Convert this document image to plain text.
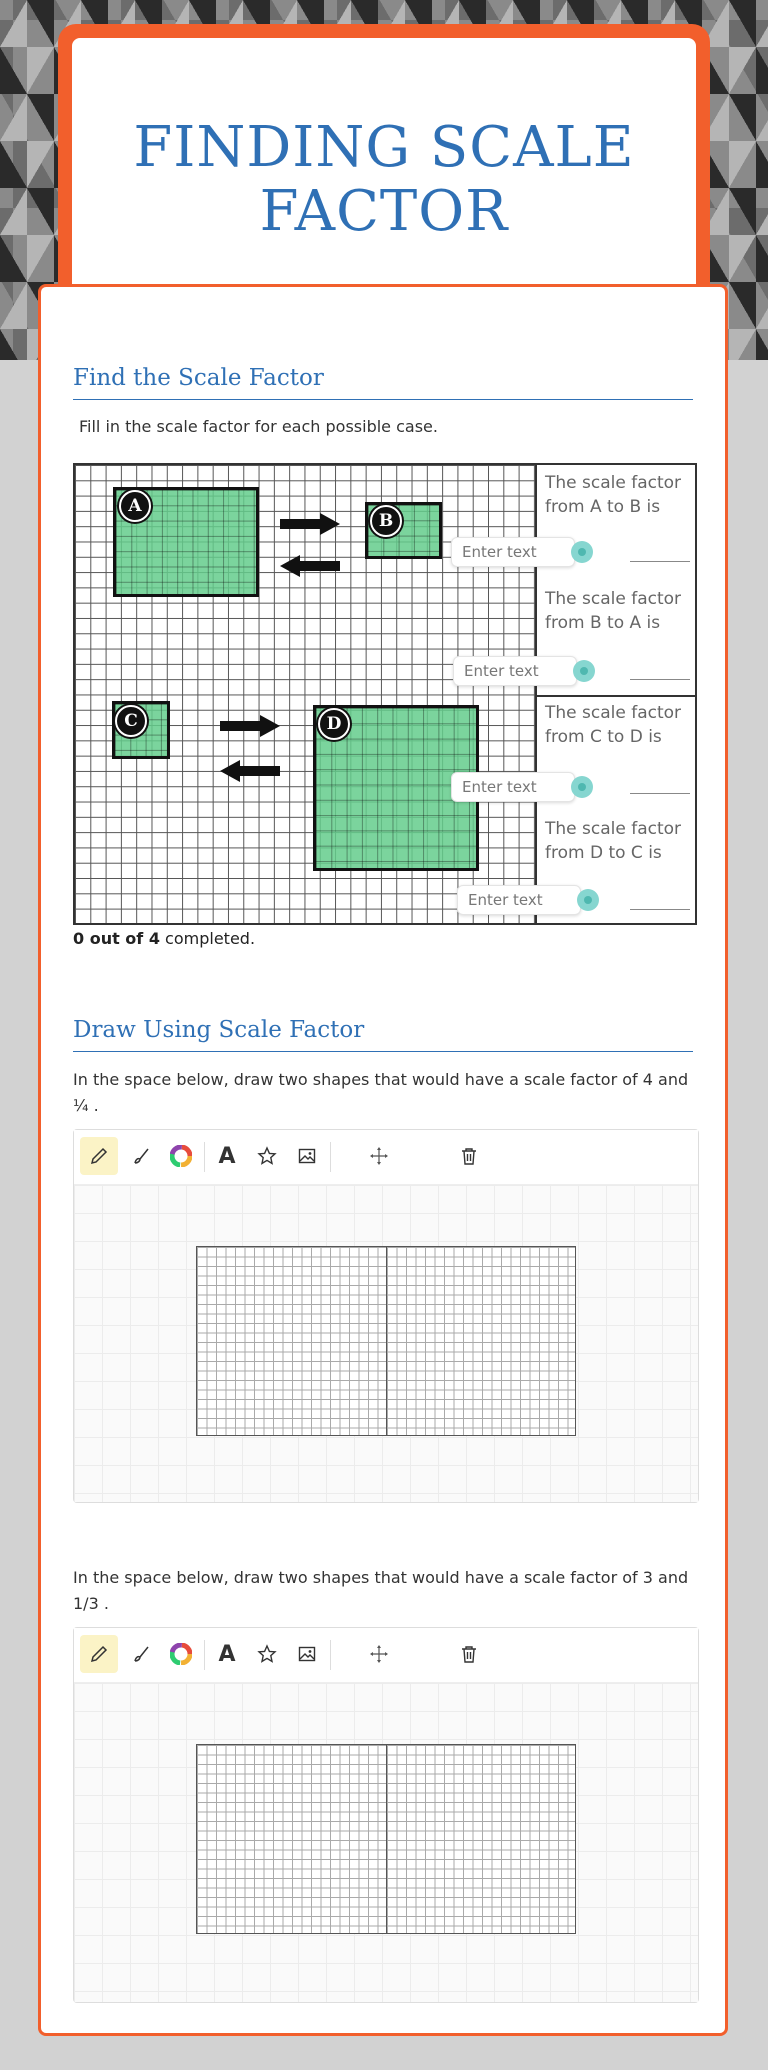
FINDING SCALE FACTOR
Find the Scale Factor
Fill in the scale factor for each possible case.
A
B
C	D
The scale factor from A to B is
The scale factor from B to A is
The scale factor from C to D is
The scale factor from D to C is
Enter text
Enter text
Enter text
Enter text
0 out of 4 completed.
Draw Using Scale Factor
In the space below, draw two shapes that would have a scale factor of 4 and ¼ .
A
In the space below, draw two shapes that would have a scale factor of 3 and 1/3 .
A
